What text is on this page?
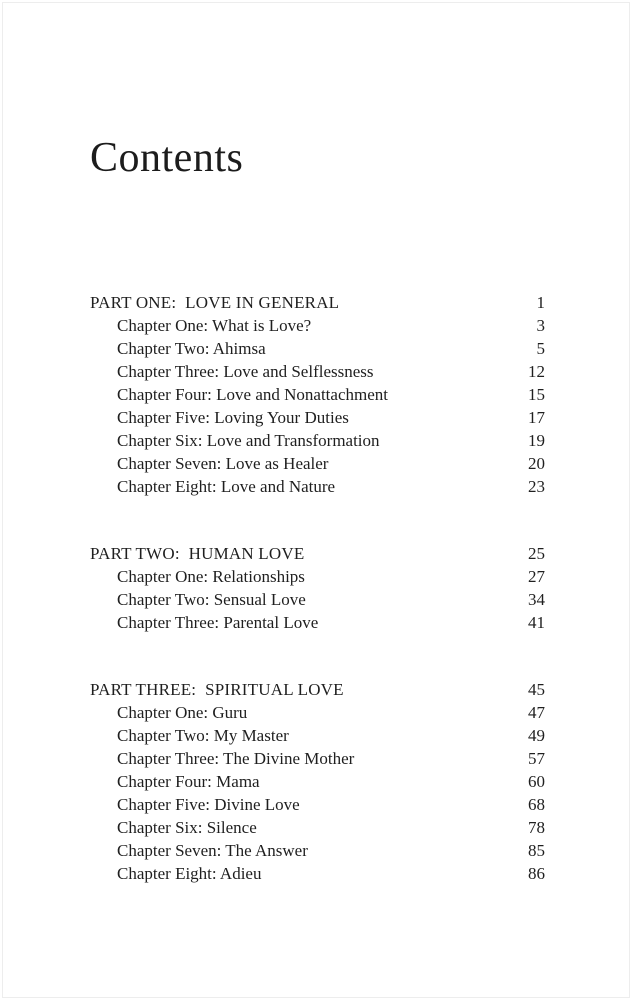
Contents
PART ONE:  LOVE IN GENERAL	1
Chapter One: What is Love?	3
Chapter Two: Ahimsa	5
Chapter Three: Love and Selflessness	12
Chapter Four: Love and Nonattachment	15
Chapter Five: Loving Your Duties	17
Chapter Six: Love and Transformation	19
Chapter Seven: Love as Healer	20
Chapter Eight: Love and Nature	23
PART TWO:  HUMAN LOVE	25
Chapter One: Relationships	27
Chapter Two: Sensual Love	34
Chapter Three: Parental Love	41
PART THREE:  SPIRITUAL LOVE	45
Chapter One: Guru	47
Chapter Two: My Master	49
Chapter Three: The Divine Mother	57
Chapter Four: Mama	60
Chapter Five: Divine Love	68
Chapter Six: Silence	78
Chapter Seven: The Answer	85
Chapter Eight: Adieu	86
